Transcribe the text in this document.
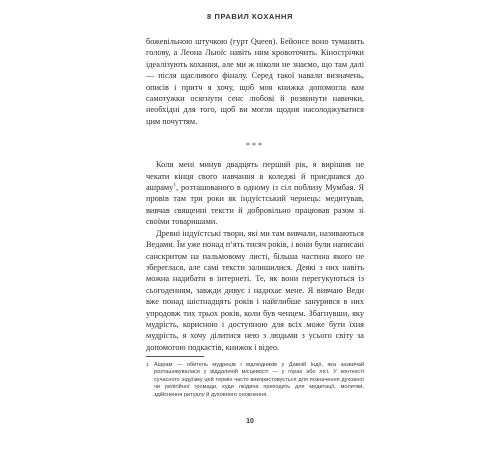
8 ПРАВИЛ КОХАННЯ

божевільною штучкою (гурт Queen). Бейонсе воно туманить голову, а Леона Льюїс навіть ним кровоточить. Кінострічки ідеалізують кохання, але ми ж ніколи не знаємо, що там далі — після щасливого фіналу. Серед такої навали визначень, описів і притч я хочу, щоб моя книжка допомогла вам самотужки осягнути сенс любові й розвинути навички, необхідні для того, щоб ви могли щодня насолоджуватися цим почуттям.

***

Коли мені минув двадцять перший рік, я вирішив не чекати кінця свого навчання в коледжі й приєднався до ашраму$^1$, розташованого в одному із сіл поблизу Мумбая. Я провів там три роки як індуїстський чернець: медитував, вивчав священні тексти й добровільно працював разом зі своїми товаришами.

Древні індуїстські твори, які ми там вивчали, називаються Ведами. Їм уже понад п’ять тисяч років, і вони були написані санскритом на пальмовому листі, більша частина якого не збереглася, але самі тексти залишилися. Деякі з них навіть можна надибати в інтернеті. Те, як вони перегукуються із сьогоденням, завжди дивує і надихає мене. Я вивчаю Веди вже понад шістнадцять років і найглибше занурився в них упродовж тих трьох років, коли був ченцем. Збагнувши, яку мудрість, корисною і доступною для всіх може бути їхня мудрість, я хочу ділитися нею з людьми з усього світу за допомогою подкастів, книжок і відео.

1 Ашрам — обитель мудреців і відлюдників у Давній Індії, яка зазвичай розташовувалася у віддаленій місцевості — у горах або лісі. У контексті сучасного індуїзму цей термін часто використовується для позначення духовної чи релігійної громади, куди людина приходить для медитації, молитви, здійснення ритуалу й духовного оновлення.
10
